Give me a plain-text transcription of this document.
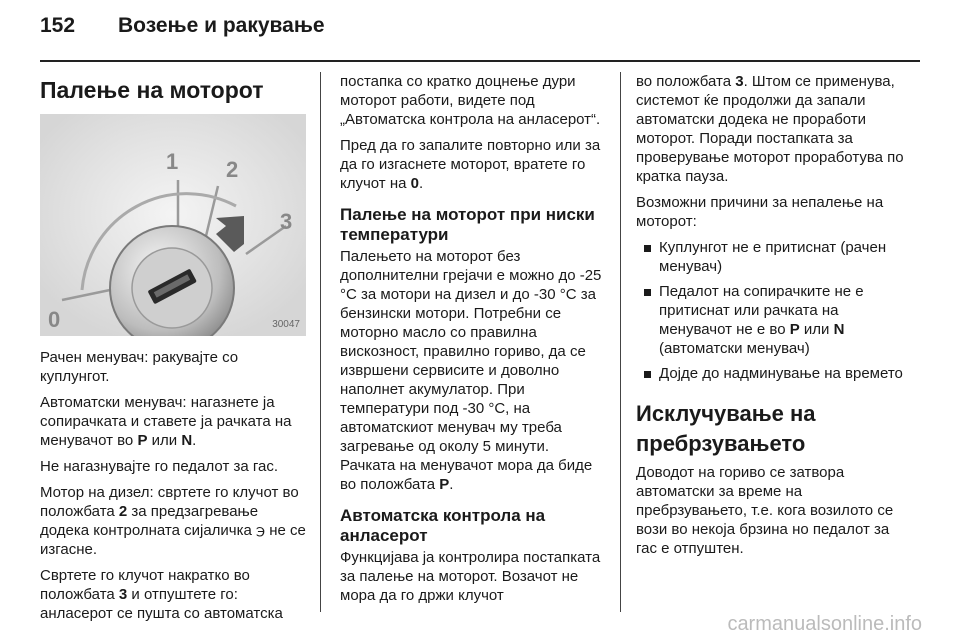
152 Возење и ракување
Палење на моторот
1 2
3
0	30047

Рачен менувач: ракувајте со куплунгот.

Автоматски менувач: нагазнете ја сопирачката и ставете ја рачката на менувачот во P или N.

Не нагазнувајте го педалот за гас.

Мотор на дизел: свртете го клучот во положбата 2 за предзагревање додека контролната сијаличка ℈ не се изгасне.

Свртете го клучот накратко во положбата 3 и отпуштете го: анласерот се пушта со автоматска

постапка со кратко доцнење дури моторот работи, видете под „Автоматска контрола на анласерот“.

Пред да го запалите повторно или за да го изгаснете моторот, вратете го клучот на 0.

Палење на моторот при ниски температури

Палењето на моторот без дополнителни грејачи е можно до -25 °C за мотори на дизел и до -30 °C за бензински мотори. Потребни се моторно масло со правилна вискозност, правилно гориво, да се извршени сервисите и доволно наполнет акумулатор. При температури под -30 °C, на автоматскиот менувач му треба загревање од околу 5 минути. Рачката на менувачот мора да биде во положбата P.

Автоматска контрола на анласерот

Функцијава ја контролира постапката за палење на моторот. Возачот не мора да го држи клучот

во положбата 3. Штом се применува, системот ќе продолжи да запали автоматски додека не проработи моторот. Поради постапката за проверување моторот проработува по кратка пауза.

Возможни причини за непалење на моторот:

Куплунгот не е притиснат (рачен менувач)
Педалот на сопирачките не е притиснат или рачката на менувачот не е во P или N (автоматски менувач)
Дојде до надминување на времето
Исклучување на пребрзувањето

Доводот на гориво се затвора автоматски за време на пребрзувањето, т.е. кога возилото се вози во некоја брзина но педалот за гас е отпуштен.

carmanualsonline.info
